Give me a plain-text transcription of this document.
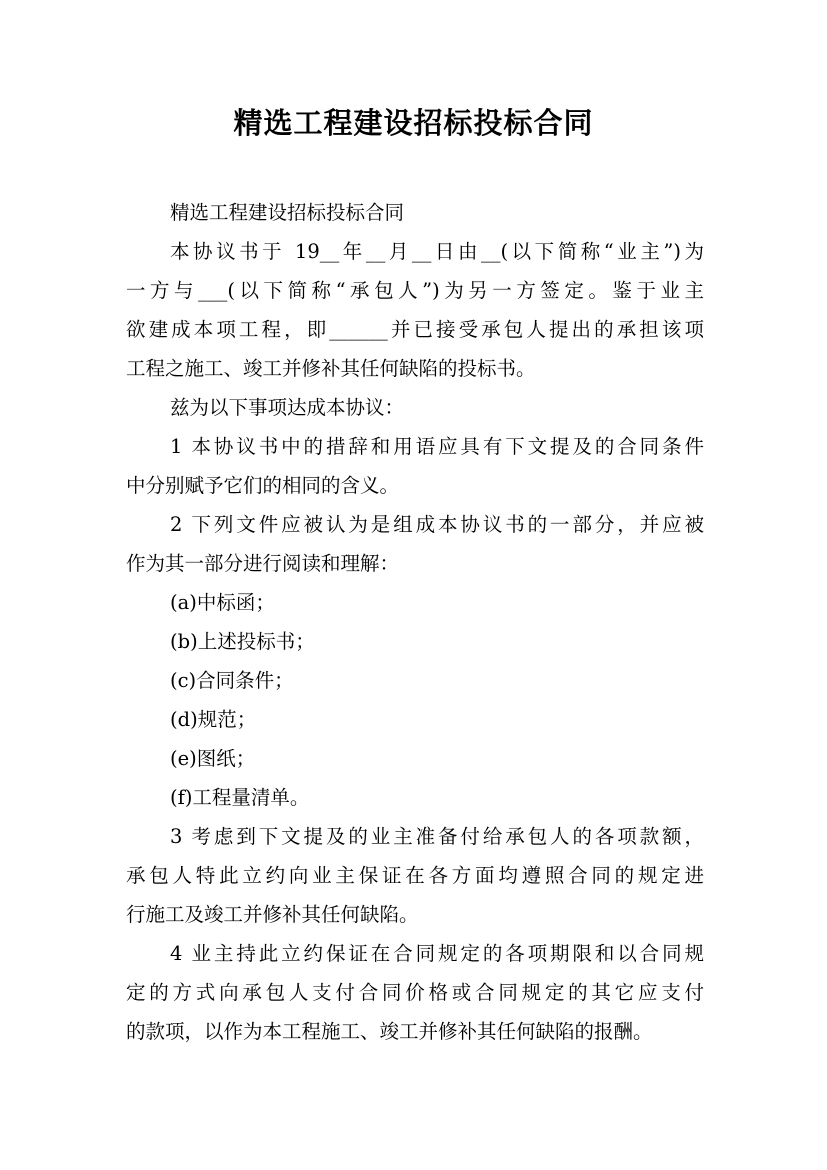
精选工程建设招标投标合同

精选工程建设招标投标合同

本协议书于 19__年__月__日由__(以下简称“业主”)为
一方与___(以下简称“承包人”)为另一方签定。鉴于业主
欲建成本项工程，即______并已接受承包人提出的承担该项
工程之施工、竣工并修补其任何缺陷的投标书。

兹为以下事项达成本协议：

1 本协议书中的措辞和用语应具有下文提及的合同条件
中分别赋予它们的相同的含义。

2 下列文件应被认为是组成本协议书的一部分，并应被
作为其一部分进行阅读和理解：

(a)中标函；

(b)上述投标书；

(c)合同条件；

(d)规范；

(e)图纸；

(f)工程量清单。

3 考虑到下文提及的业主准备付给承包人的各项款额，
承包人特此立约向业主保证在各方面均遵照合同的规定进
行施工及竣工并修补其任何缺陷。

4 业主持此立约保证在合同规定的各项期限和以合同规
定的方式向承包人支付合同价格或合同规定的其它应支付
的款项，以作为本工程施工、竣工并修补其任何缺陷的报酬。
